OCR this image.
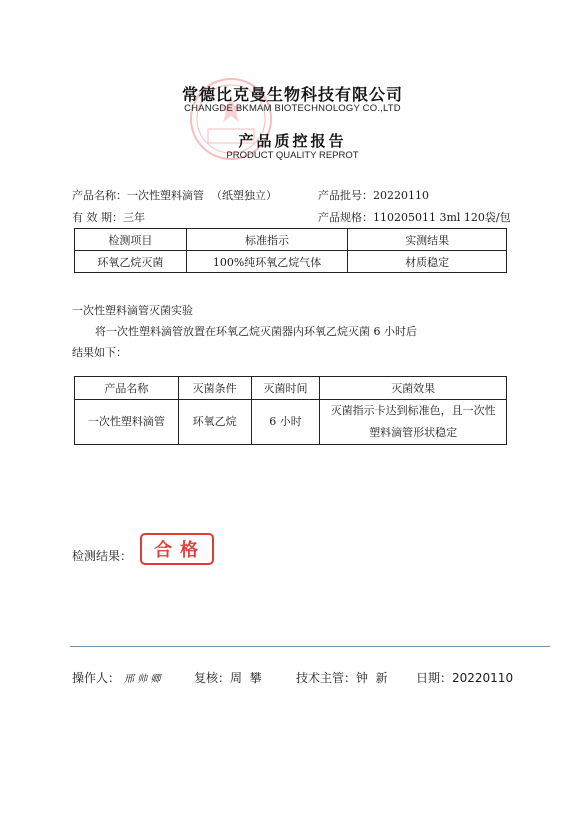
常德比克曼生物科技有限公司
CHANGDE BKMAM BIOTECHNOLOGY CO.,LTD
产品质控报告
PRODUCT QUALITY REPROT
产品名称：一次性塑料滴管  （纸塑独立）	产品批号：20220110
有 效 期：三年	产品规格：110205011 3ml 120袋/包
检测项目	标准指示	实测结果
环氧乙烷灭菌	100%纯环氧乙烷气体	材质稳定
一次性塑料滴管灭菌实验
将一次性塑料滴管放置在环氧乙烷灭菌器内环氧乙烷灭菌 6 小时后
结果如下：
产品名称	灭菌条件	灭菌时间	灭菌效果
一次性塑料滴管	环氧乙烷	6 小时	灭菌指示卡达到标准色，且一次性塑料滴管形状稳定
检测结果：	合格
操作人： 邢 帅 卿	复核：周  攀	技术主管：钟  新 日期：20220110
